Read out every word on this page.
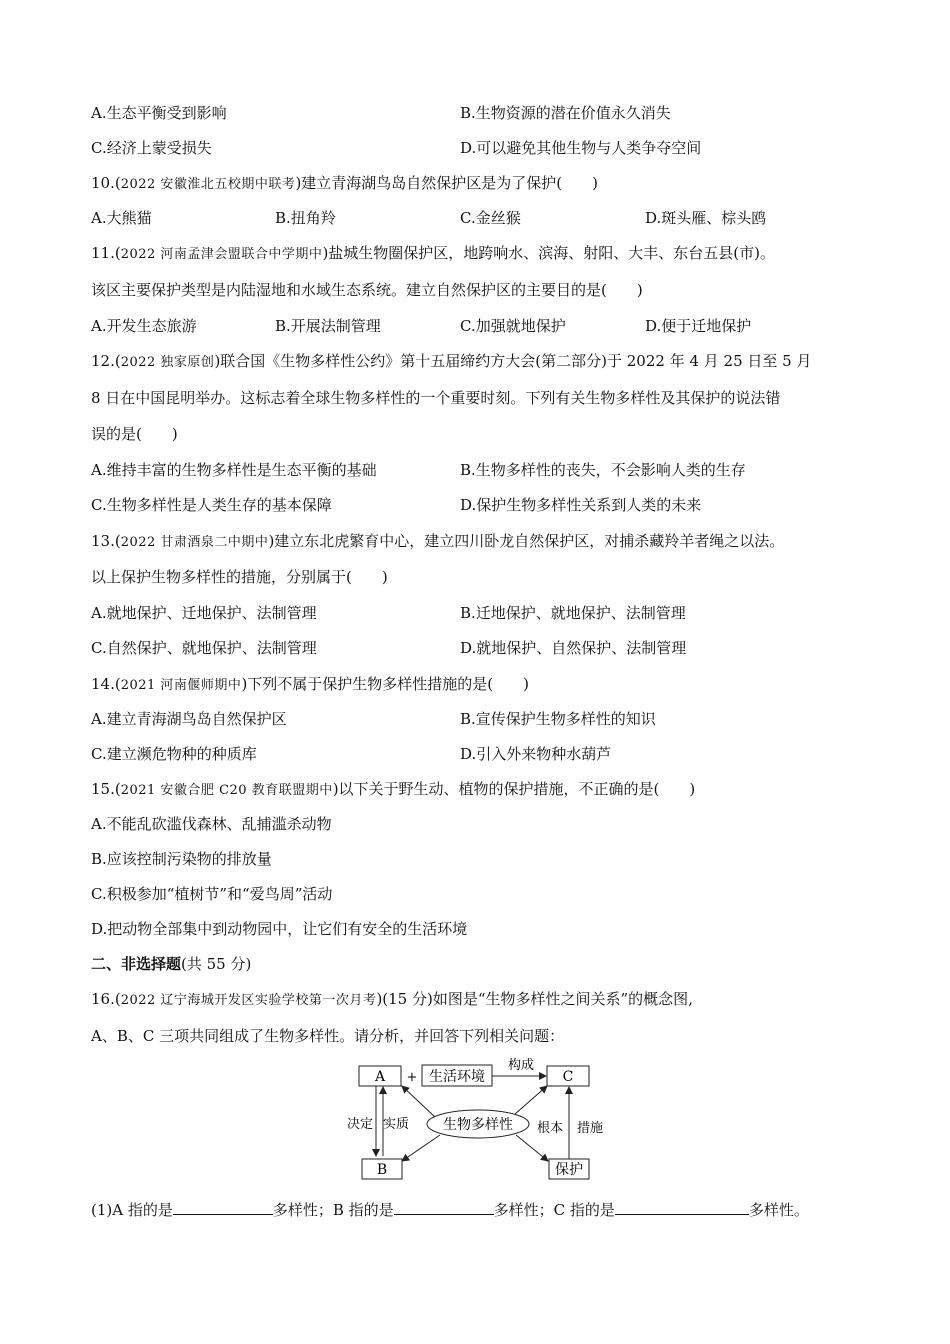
A.生态平衡受到影响	B.生物资源的潜在价值永久消失
C.经济上蒙受损失	D.可以避免其他生物与人类争夺空间
10.(2022 安徽淮北五校期中联考)建立青海湖鸟岛自然保护区是为了保护(　　)
A.大熊猫	B.扭角羚	C.金丝猴	D.斑头雁、棕头鸥
11.(2022 河南孟津会盟联合中学期中)盐城生物圈保护区，地跨响水、滨海、射阳、大丰、东台五县(市)。
该区主要保护类型是内陆湿地和水域生态系统。建立自然保护区的主要目的是(　　)
A.开发生态旅游	B.开展法制管理	C.加强就地保护	D.便于迁地保护
12.(2022 独家原创)联合国《生物多样性公约》第十五届缔约方大会(第二部分)于 2022 年 4 月 25 日至 5 月
8 日在中国昆明举办。这标志着全球生物多样性的一个重要时刻。下列有关生物多样性及其保护的说法错
误的是(　　)
A.维持丰富的生物多样性是生态平衡的基础	B.生物多样性的丧失，不会影响人类的生存
C.生物多样性是人类生存的基本保障	D.保护生物多样性关系到人类的未来
13.(2022 甘肃酒泉二中期中)建立东北虎繁育中心，建立四川卧龙自然保护区，对捕杀藏羚羊者绳之以法。
以上保护生物多样性的措施，分别属于(　　)
A.就地保护、迁地保护、法制管理	B.迁地保护、就地保护、法制管理
C.自然保护、就地保护、法制管理	D.就地保护、自然保护、法制管理
14.(2021 河南偃师期中)下列不属于保护生物多样性措施的是(　　)
A.建立青海湖鸟岛自然保护区	B.宣传保护生物多样性的知识
C.建立濒危物种的种质库	D.引入外来物种水葫芦
15.(2021 安徽合肥 C20 教育联盟期中)以下关于野生动、植物的保护措施，不正确的是(　　)
A.不能乱砍滥伐森林、乱捕滥杀动物
B.应该控制污染物的排放量
C.积极参加“植树节”和“爱鸟周”活动
D.把动物全部集中到动物园中，让它们有安全的生活环境
二、非选择题(共 55 分)
16.(2022 辽宁海城开发区实验学校第一次月考)(15 分)如图是“生物多样性之间关系”的概念图,
A、B、C 三项共同组成了生物多样性。请分析，并回答下列相关问题：
A + 生活环境
构成
C
决定 实质 生物多样性 根本 措施
B	保护
(1)A 指的是	多样性；B 指的是	多样性；C 指的是	多样性。
